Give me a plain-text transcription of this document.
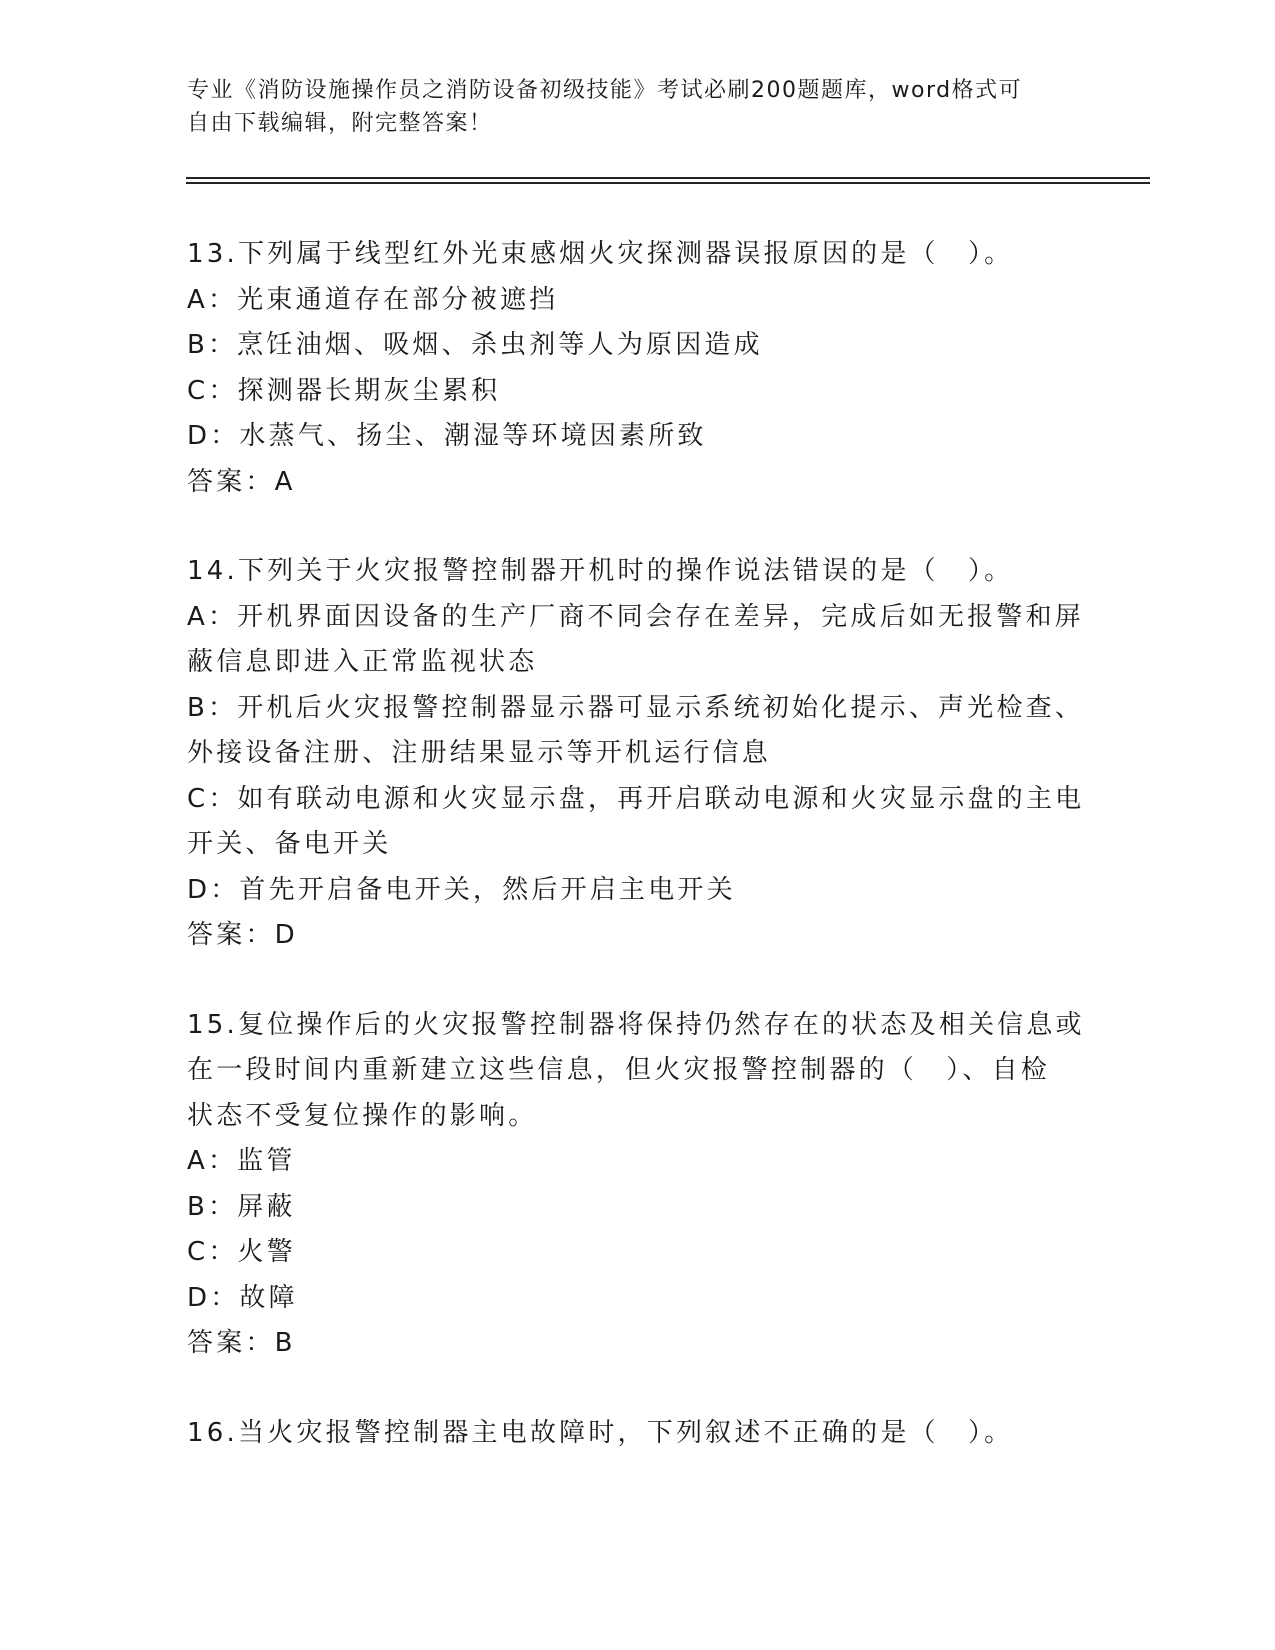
专业《消防设施操作员之消防设备初级技能》考试必刷200题题库，word格式可
自由下载编辑，附完整答案！
13.下列属于线型红外光束感烟火灾探测器误报原因的是（　）。
A：光束通道存在部分被遮挡
B：烹饪油烟、吸烟、杀虫剂等人为原因造成
C：探测器长期灰尘累积
D：水蒸气、扬尘、潮湿等环境因素所致
答案：A
14.下列关于火灾报警控制器开机时的操作说法错误的是（　）。
A：开机界面因设备的生产厂商不同会存在差异，完成后如无报警和屏
蔽信息即进入正常监视状态
B：开机后火灾报警控制器显示器可显示系统初始化提示、声光检查、
外接设备注册、注册结果显示等开机运行信息
C：如有联动电源和火灾显示盘，再开启联动电源和火灾显示盘的主电
开关、备电开关
D：首先开启备电开关，然后开启主电开关
答案：D
15.复位操作后的火灾报警控制器将保持仍然存在的状态及相关信息或
在一段时间内重新建立这些信息，但火灾报警控制器的（　）、自检
状态不受复位操作的影响。
A：监管
B：屏蔽
C：火警
D：故障
答案：B
16.当火灾报警控制器主电故障时，下列叙述不正确的是（　）。
